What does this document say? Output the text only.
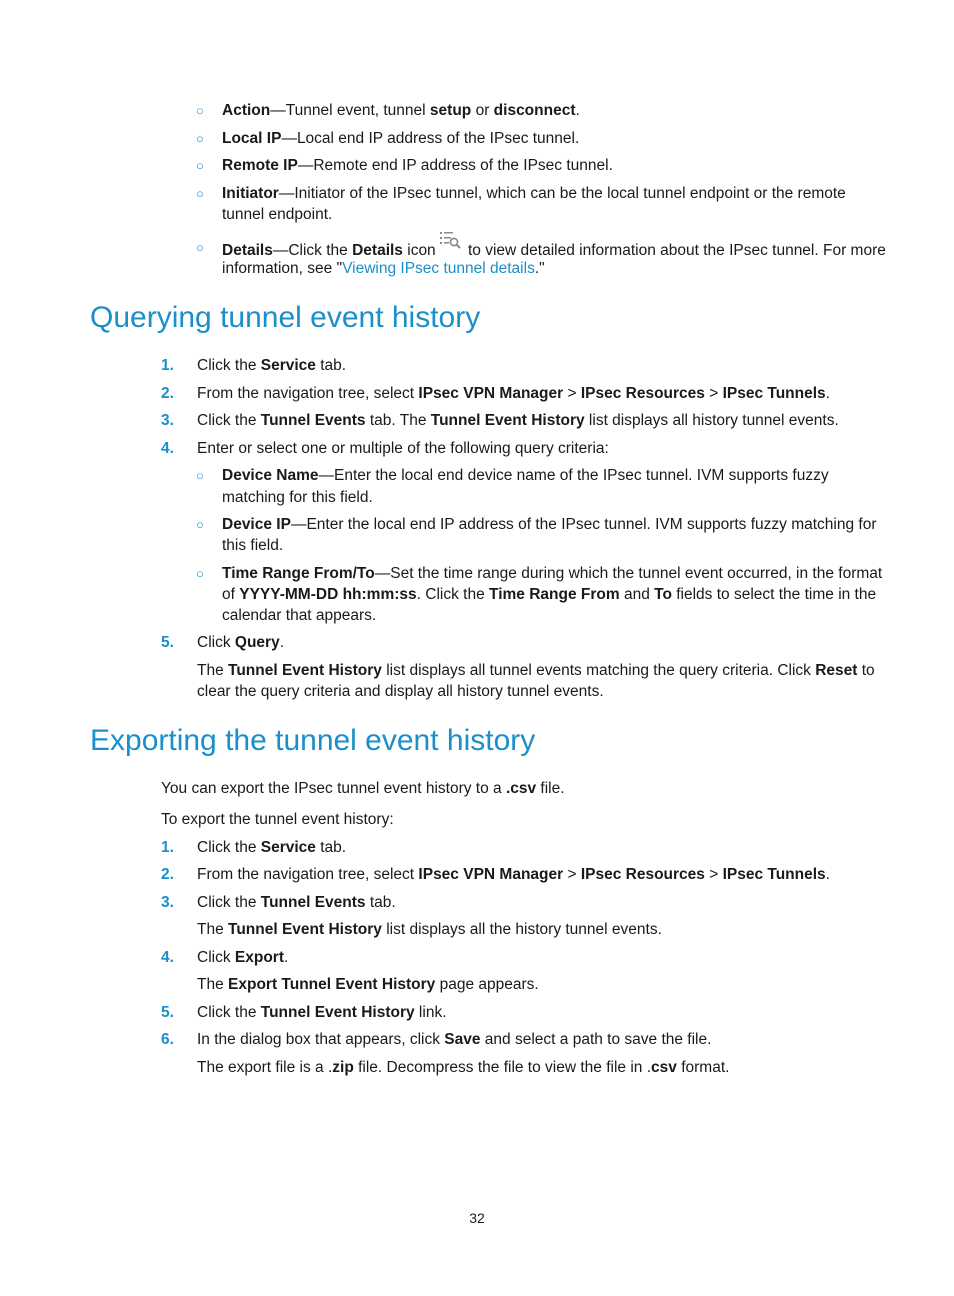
○ Action—Tunnel event, tunnel setup or disconnect.
○ Local IP—Local end IP address of the IPsec tunnel.
○ Remote IP—Remote end IP address of the IPsec tunnel.
○ Initiator—Initiator of the IPsec tunnel, which can be the local tunnel endpoint or the remote
tunnel endpoint.
○ Details—Click the Details icon to view detailed information about the IPsec tunnel. For more
information, see "Viewing IPsec tunnel details."
Querying tunnel event history
1. Click the Service tab.
2. From the navigation tree, select IPsec VPN Manager > IPsec Resources > IPsec Tunnels.
3. Click the Tunnel Events tab. The Tunnel Event History list displays all history tunnel events.
4. Enter or select one or multiple of the following query criteria:
○ Device Name—Enter the local end device name of the IPsec tunnel. IVM supports fuzzy
matching for this field.
○ Device IP—Enter the local end IP address of the IPsec tunnel. IVM supports fuzzy matching for
this field.
○ Time Range From/To—Set the time range during which the tunnel event occurred, in the format
of YYYY-MM-DD hh:mm:ss. Click the Time Range From and To fields to select the time in the
calendar that appears.
5. Click Query.
The Tunnel Event History list displays all tunnel events matching the query criteria. Click Reset to
clear the query criteria and display all history tunnel events.
Exporting the tunnel event history
You can export the IPsec tunnel event history to a .csv file.
To export the tunnel event history:
1. Click the Service tab.
2. From the navigation tree, select IPsec VPN Manager > IPsec Resources > IPsec Tunnels.
3. Click the Tunnel Events tab.
The Tunnel Event History list displays all the history tunnel events.
4. Click Export.
The Export Tunnel Event History page appears.
5. Click the Tunnel Event History link.
6. In the dialog box that appears, click Save and select a path to save the file.
The export file is a .zip file. Decompress the file to view the file in .csv format.
32
